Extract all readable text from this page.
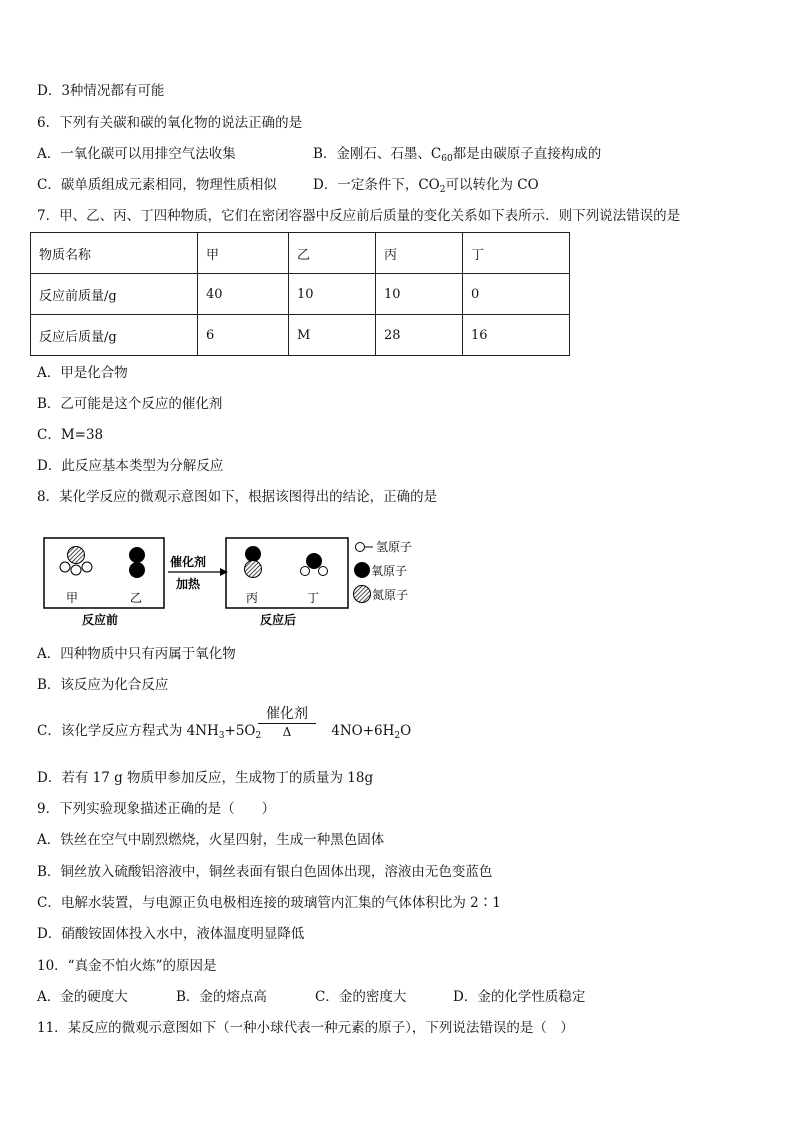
D．3种情况都有可能
6．下列有关碳和碳的氧化物的说法正确的是
A．一氧化碳可以用排空气法收集	B．金刚石、石墨、$C_{60}$都是由碳原子直接构成的
C．碳单质组成元素相同，物理性质相似	D．一定条件下，$CO_2$可以转化为 CO
7．甲、乙、丙、丁四种物质，它们在密闭容器中反应前后质量的变化关系如下表所示．则下列说法错误的是
物质名称	甲	乙	丙	丁
反应前质量/g	40	10	10	0
反应后质量/g	6	M	28	16
A．甲是化合物
B．乙可能是这个反应的催化剂
C．M=38
D．此反应基本类型为分解反应
8．某化学反应的微观示意图如下，根据该图得出的结论，正确的是
甲	乙
反应前
催化剂
加热
丙	丁
反应后
氢原子
氧原子
氮原子
A．四种物质中只有丙属于氧化物
B．该反应为化合反应
C．该化学反应方程式为 $4NH_3+5O_2$	$4NO+6H_2O$
催化剂
Δ
D．若有 17 g 物质甲参加反应，生成物丁的质量为 18g
9．下列实验现象描述正确的是（　　）
A．铁丝在空气中剧烈燃烧，火星四射，生成一种黑色固体
B．铜丝放入硫酸铝溶液中，铜丝表面有银白色固体出现，溶液由无色变蓝色
C．电解水装置，与电源正负电极相连接的玻璃管内汇集的气体体积比为 2∶1
D．硝酸铵固体投入水中，液体温度明显降低
10．“真金不怕火炼”的原因是
A．金的硬度大	B．金的熔点高	C．金的密度大	D．金的化学性质稳定
11．某反应的微观示意图如下（一种小球代表一种元素的原子），下列说法错误的是（　）
